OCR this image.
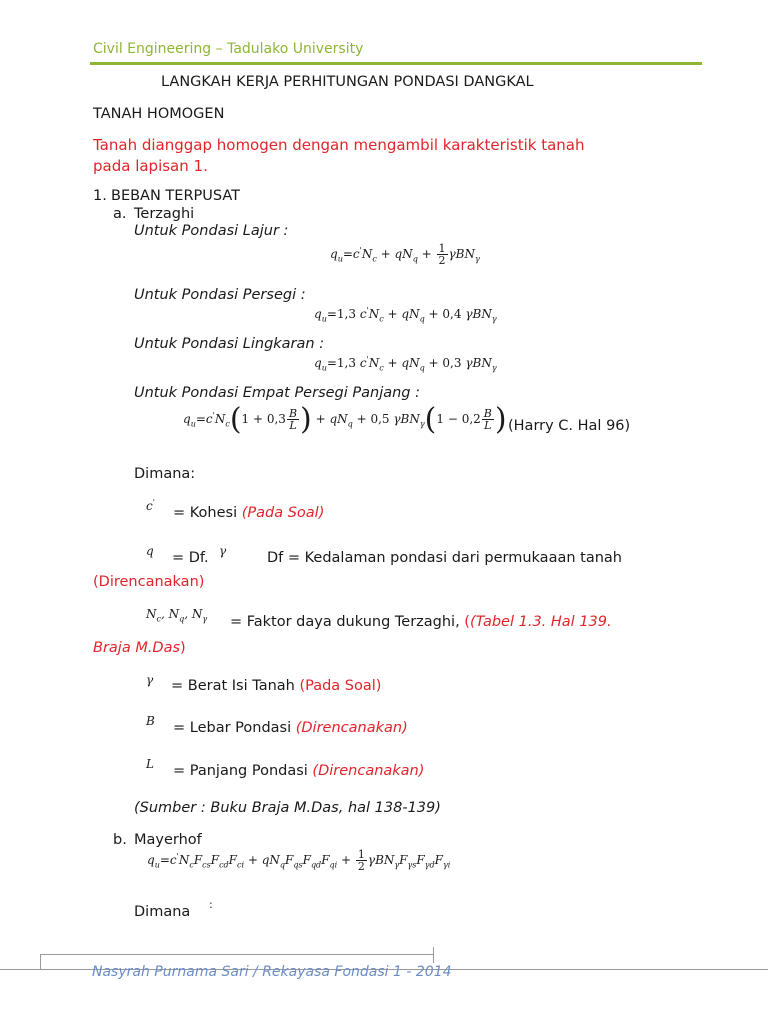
Civil Engineering – Tadulako University
LANGKAH KERJA PERHITUNGAN PONDASI DANGKAL
TANAH HOMOGEN
Tanah dianggap homogen dengan mengambil karakteristik tanah
pada lapisan 1.
1. BEBAN TERPUSAT
a. Terzaghi
Untuk Pondasi Lajur :
$q_u=c'N_c + qN_q + \frac{1}{2} \gamma BN_\gamma$
Untuk Pondasi Persegi :
$q_u=1,3$ $c'N_c + qN_q + 0,4$ γBN$_\gamma$
Untuk Pondasi Lingkaran :
$q_u=1,3$ $c'N_c + qN_q + 0,3$ γBN$_\gamma$
Untuk Pondasi Empat Persegi Panjang :
$q_u=c'N_c(1 + 0,3 \frac{B}{L}$ ) + $qN_q + 0,5$ $\gamma BN_\gamma(1 - 0,2 \frac{B}{L}$ ) (Harry C. Hal 96)
Dimana:
c'
= Kohesi (Pada Soal)
q = Df. γ	Df = Kedalaman pondasi dari permukaaan tanah
(Direncanakan)
$N_c$, $N_q$, $N_\gamma$ = Faktor daya dukung Terzaghi, ((Tabel 1.3. Hal 139.
Braja M.Das)
γ = Berat Isi Tanah (Pada Soal)
B = Lebar Pondasi (Direncanakan)
L = Panjang Pondasi (Direncanakan)
(Sumber : Buku Braja M.Das, hal 138-139)
b. Mayerhof
$q_u=c'N_cF_{cs}F_{cd}F_{ci} + qN_qF_{qs}F_{qd}F_{qi} + \frac{1}{2} \gamma BN_\gamma F_{\gamma s}F_{\gamma d}F_{\gamma i}$
Dimana :
Nasyrah Purnama Sari / Rekayasa Fondasi 1 - 2014
